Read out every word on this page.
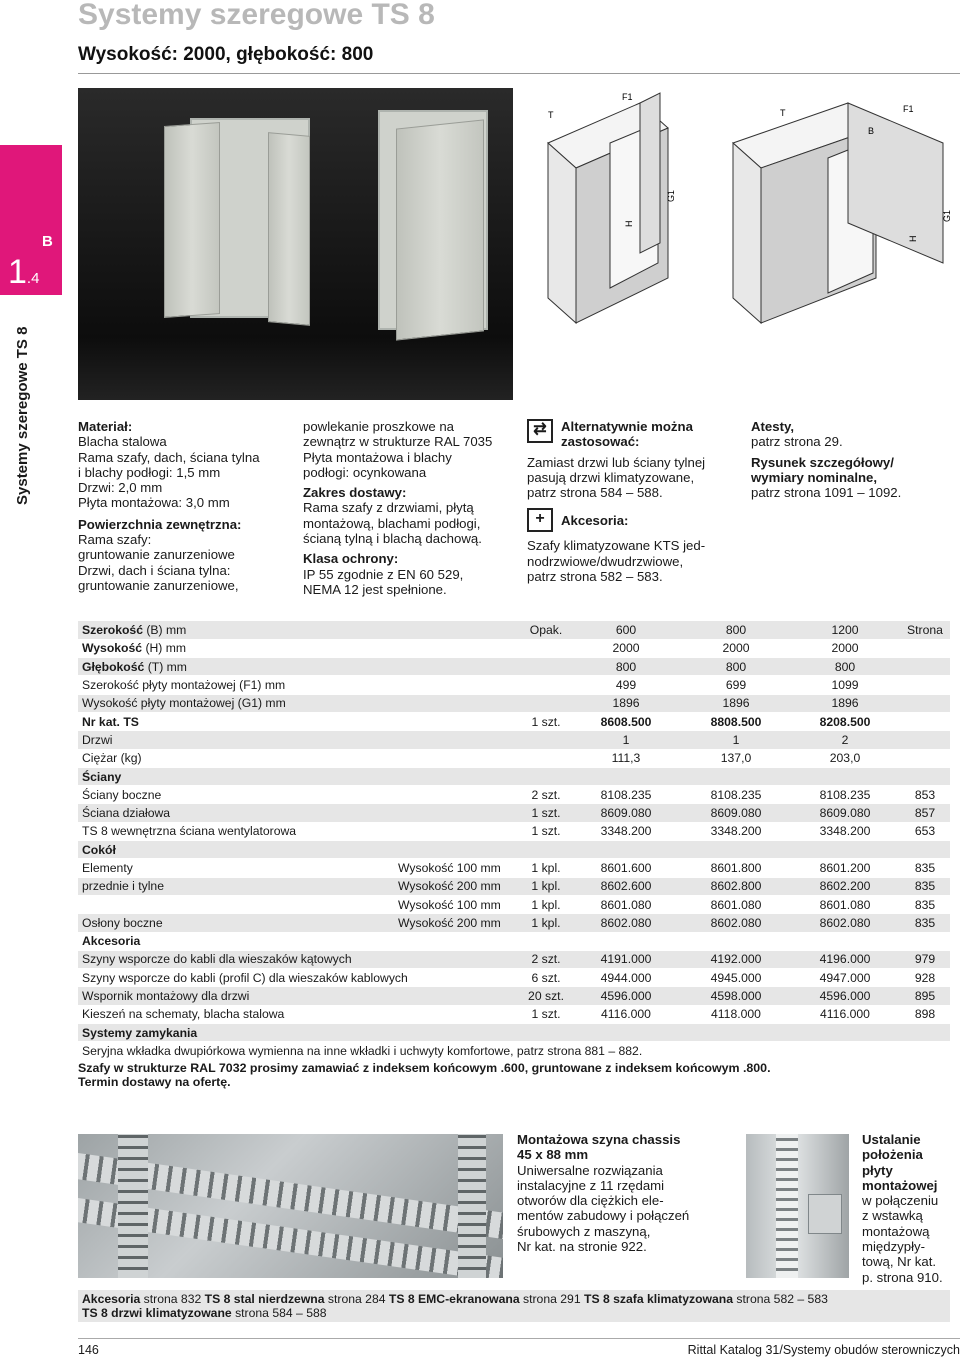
Systemy szeregowe TS 8
Wysokość: 2000, głębokość: 800
B
1.4
Systemy szeregowe TS 8
T
F1
H
G1
T
B
F1
H
G1
Materiał:
Blacha stalowa
Rama szafy, dach, ściana tylna
i blachy podłogi: 1,5 mm
Drzwi: 2,0 mm
Płyta montażowa: 3,0 mm
Powierzchnia zewnętrzna:
Rama szafy:
gruntowanie zanurzeniowe
Drzwi, dach i ściana tylna:
gruntowanie zanurzeniowe,
powlekanie proszkowe na
zewnątrz w strukturze RAL 7035
Płyta montażowa i blachy
podłogi: ocynkowana
Zakres dostawy:
Rama szafy z drzwiami, płytą
montażową, blachami podłogi,
ścianą tylną i blachą dachową.
Klasa ochrony:
IP 55 zgodnie z EN 60 529,
NEMA 12 jest spełnione.
⇄	Alternatywnie można
zastosować:
Zamiast drzwi lub ściany tylnej
pasują drzwi klimatyzowane,
patrz strona 584 – 588.
+	Akcesoria:
Szafy klimatyzowane KTS jed-
nodrzwiowe/dwudrzwiowe,
patrz strona 582 – 583.
Atesty,
patrz strona 29.
Rysunek szczegółowy/
wymiary nominalne,
patrz strona 1091 – 1092.
Szerokość (B) mm		Opak.	600	800	1200	Strona
Wysokość (H) mm			2000	2000	2000	
Głębokość (T) mm			800	800	800	
Szerokość płyty montażowej (F1) mm			499	699	1099	
Wysokość płyty montażowej (G1) mm			1896	1896	1896	
Nr kat. TS		1 szt.	8608.500	8808.500	8208.500	
Drzwi			1	1	2	
Ciężar (kg)			111,3	137,0	203,0	
Ściany						
Ściany boczne		2 szt.	8108.235	8108.235	8108.235	853
Ściana działowa		1 szt.	8609.080	8609.080	8609.080	857
TS 8 wewnętrzna ściana wentylatorowa		1 szt.	3348.200	3348.200	3348.200	653
Cokół						
Elementy	Wysokość 100 mm	1 kpl.	8601.600	8601.800	8601.200	835
przednie i tylne	Wysokość 200 mm	1 kpl.	8602.600	8602.800	8602.200	835
	Wysokość 100 mm	1 kpl.	8601.080	8601.080	8601.080	835
Osłony boczne	Wysokość 200 mm	1 kpl.	8602.080	8602.080	8602.080	835
Akcesoria						
Szyny wsporcze do kabli dla wieszaków kątowych		2 szt.	4191.000	4192.000	4196.000	979
Szyny wsporcze do kabli (profil C) dla wieszaków kablowych		6 szt.	4944.000	4945.000	4947.000	928
Wspornik montażowy dla drzwi		20 szt.	4596.000	4598.000	4596.000	895
Kieszeń na schematy, blacha stalowa		1 szt.	4116.000	4118.000	4116.000	898
Systemy zamykania						
Seryjna wkładka dwupiórkowa wymienna na inne wkładki i uchwyty komfortowe, patrz strona 881 – 882.						
Szafy w strukturze RAL 7032 prosimy zamawiać z indeksem końcowym .600, gruntowane z indeksem końcowym .800.
Termin dostawy na ofertę.
Montażowa szyna chassis
45 x 88 mm
Uniwersalne rozwiązania
instalacyjne z 11 rzędami
otworów dla ciężkich ele-
mentów zabudowy i połączeń
śrubowych z maszyną,
Nr kat. na stronie 922.
Ustalanie
położenia
płyty
montażowej
w połączeniu
z wstawką
montażową
międzypły-
tową, Nr kat.
p. strona 910.
Akcesoria strona 832 TS 8 stal nierdzewna strona 284 TS 8 EMC-ekranowana strona 291 TS 8 szafa klimatyzowana strona 582 – 583
TS 8 drzwi klimatyzowane strona 584 – 588
146	Rittal Katalog 31/Systemy obudów sterowniczych
